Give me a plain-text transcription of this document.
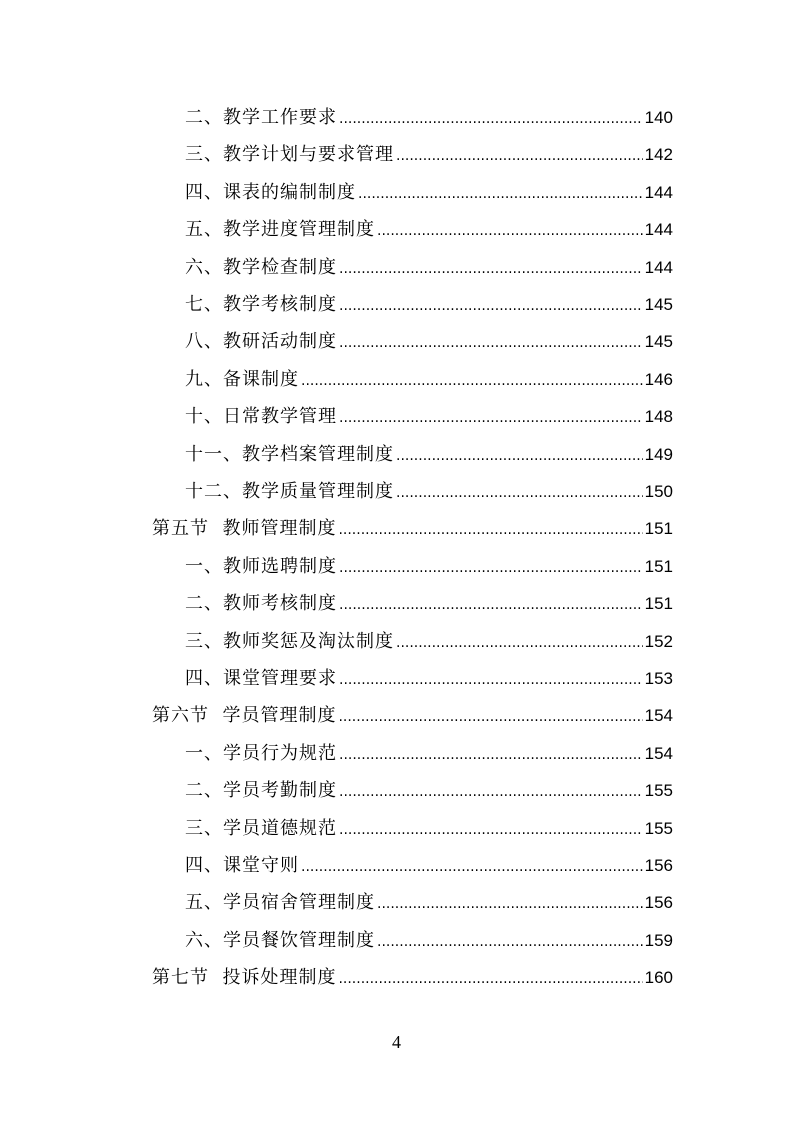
二、教学工作要求 .....	140
三、教学计划与要求管理 .....	142
四、课表的编制制度 .....	144
五、教学进度管理制度 .....	144
六、教学检查制度 .....	144
七、教学考核制度 .....	145
八、教研活动制度 .....	145
九、备课制度 .....	146
十、日常教学管理 .....	148
十一、教学档案管理制度 .....	149
十二、教学质量管理制度 .....	150
第五节  教师管理制度 .....	151
一、教师选聘制度 .....	151
二、教师考核制度 .....	151
三、教师奖惩及淘汰制度 .....	152
四、课堂管理要求 .....	153
第六节  学员管理制度 .....	154
一、学员行为规范 .....	154
二、学员考勤制度 .....	155
三、学员道德规范 .....	155
四、课堂守则 .....	156
五、学员宿舍管理制度 .....	156
六、学员餐饮管理制度 .....	159
第七节  投诉处理制度 .....	160
4
